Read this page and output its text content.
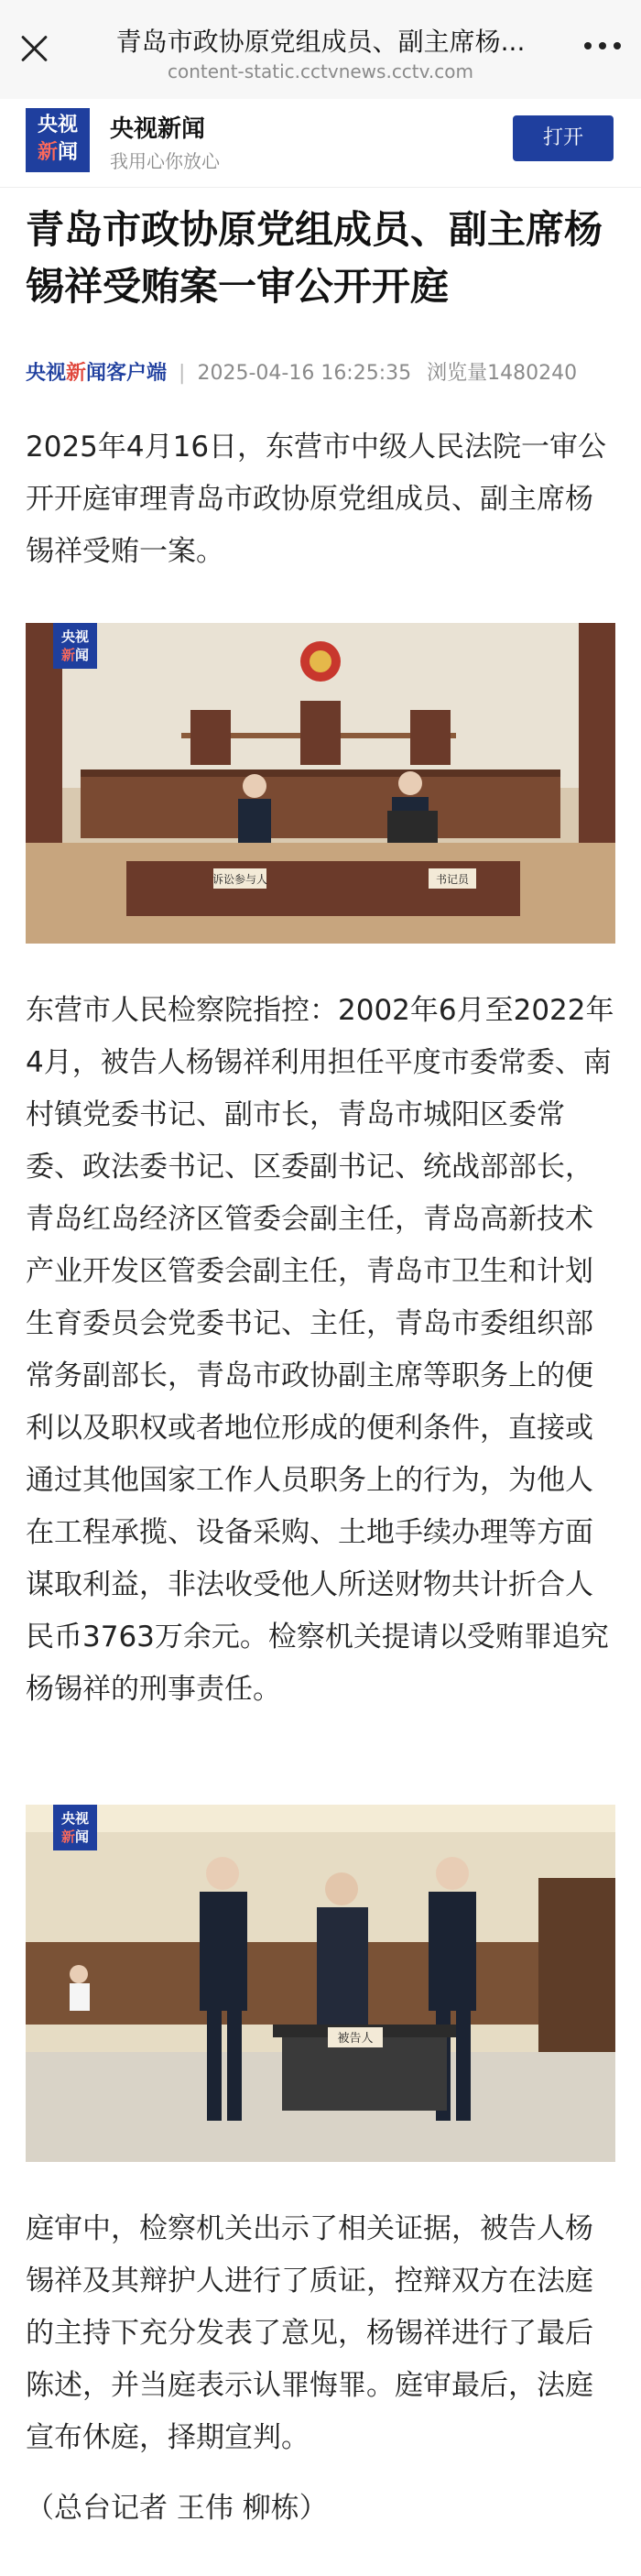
青岛市政协原党组成员、副主席杨...
content-static.cctvnews.cctv.com
央视
新闻
央视新闻
我用心你放心
打开
青岛市政协原党组成员、副主席杨锡祥受贿案一审公开开庭
央视新闻客户端 | 2025-04-16 16:25:35 浏览量1480240

2025年4月16日，东营市中级人民法院一审公开开庭审理青岛市政协原党组成员、副主席杨锡祥受贿一案。

诉讼参与人	书记员
央视
新闻

东营市人民检察院指控：2002年6月至2022年4月，被告人杨锡祥利用担任平度市委常委、南村镇党委书记、副市长，青岛市城阳区委常委、政法委书记、区委副书记、统战部部长，青岛红岛经济区管委会副主任，青岛高新技术产业开发区管委会副主任，青岛市卫生和计划生育委员会党委书记、主任，青岛市委组织部常务副部长，青岛市政协副主席等职务上的便利以及职权或者地位形成的便利条件，直接或通过其他国家工作人员职务上的行为，为他人在工程承揽、设备采购、土地手续办理等方面谋取利益，非法收受他人所送财物共计折合人民币3763万余元。检察机关提请以受贿罪追究杨锡祥的刑事责任。

被告人
央视
新闻

庭审中，检察机关出示了相关证据，被告人杨锡祥及其辩护人进行了质证，控辩双方在法庭的主持下充分发表了意见，杨锡祥进行了最后陈述，并当庭表示认罪悔罪。庭审最后，法庭宣布休庭，择期宣判。

（总台记者 王伟 柳栋）
